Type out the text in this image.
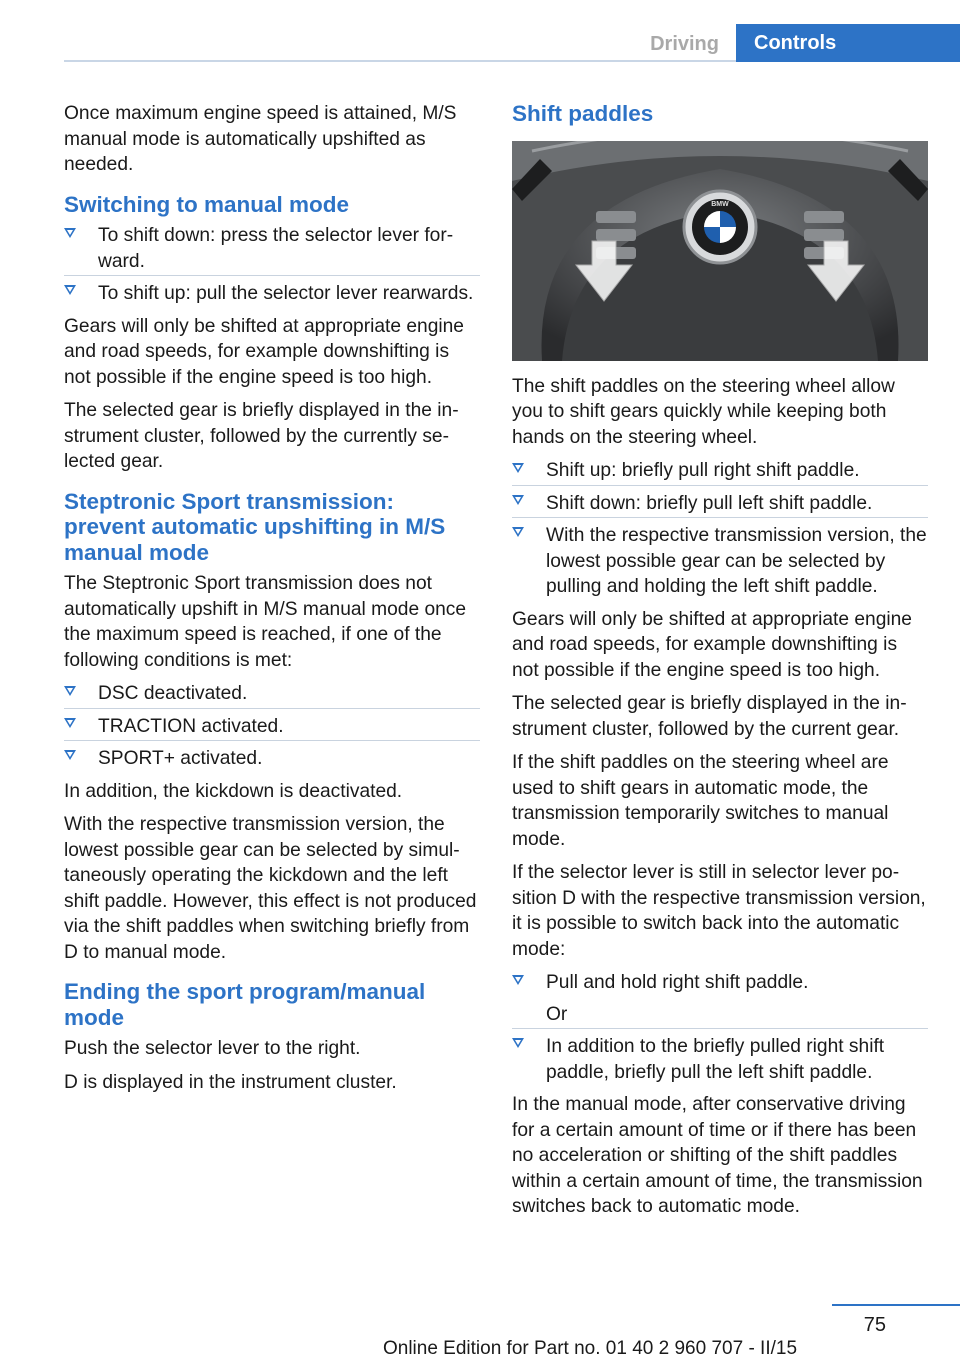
Driving	Controls

Once maximum engine speed is attained, M/S manual mode is automatically upshifted as needed.

Switching to manual mode
To shift down: press the selector lever forward.
To shift up: pull the selector lever rearwards.

Gears will only be shifted at appropriate engine and road speeds, for example downshifting is not possible if the engine speed is too high.

The selected gear is briefly displayed in the instrument cluster, followed by the currently selected gear.

Steptronic Sport transmission: prevent automatic upshifting in M/S manual mode

The Steptronic Sport transmission does not automatically upshift in M/S manual mode once the maximum speed is reached, if one of the following conditions is met:

DSC deactivated.
TRACTION activated.
SPORT+ activated.

In addition, the kickdown is deactivated.

With the respective transmission version, the lowest possible gear can be selected by simultaneously operating the kickdown and the left shift paddle. However, this effect is not produced via the shift paddles when switching briefly from D to manual mode.

Ending the sport program/manual mode

Push the selector lever to the right.

D is displayed in the instrument cluster.

Shift paddles
BMW

The shift paddles on the steering wheel allow you to shift gears quickly while keeping both hands on the steering wheel.

Shift up: briefly pull right shift paddle.
Shift down: briefly pull left shift paddle.
With the respective transmission version, the lowest possible gear can be selected by pulling and holding the left shift paddle.

Gears will only be shifted at appropriate engine and road speeds, for example downshifting is not possible if the engine speed is too high.

The selected gear is briefly displayed in the instrument cluster, followed by the current gear.

If the shift paddles on the steering wheel are used to shift gears in automatic mode, the transmission temporarily switches to manual mode.

If the selector lever is still in selector lever position D with the respective transmission version, it is possible to switch back into the automatic mode:

Pull and hold right shift paddle.
Or
In addition to the briefly pulled right shift paddle, briefly pull the left shift paddle.

In the manual mode, after conservative driving for a certain amount of time or if there has been no acceleration or shifting of the shift paddles within a certain amount of time, the transmission switches back to automatic mode.

75
Online Edition for Part no. 01 40 2 960 707 - II/15
